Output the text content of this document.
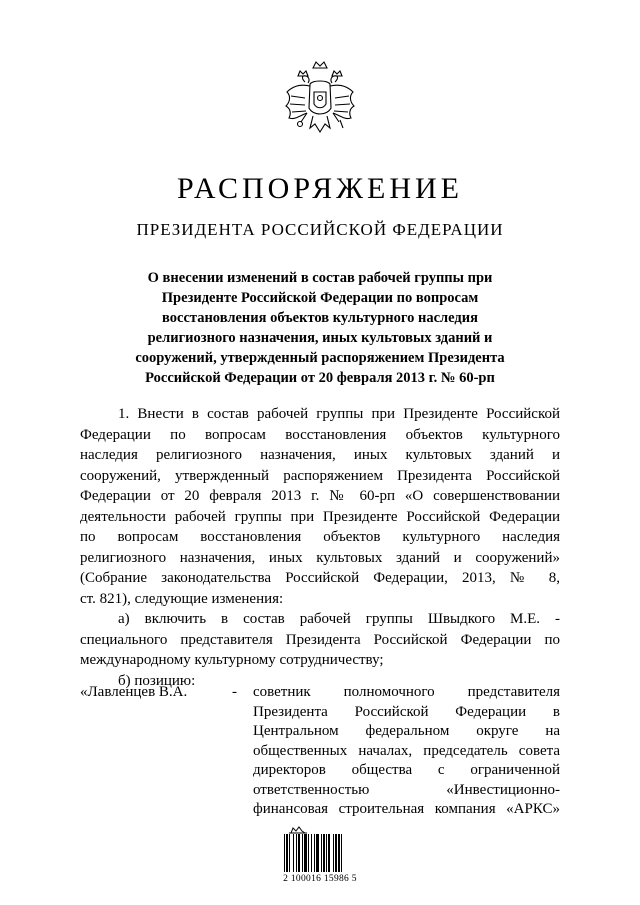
РАСПОРЯЖЕНИЕ
ПРЕЗИДЕНТА РОССИЙСКОЙ ФЕДЕРАЦИИ
О внесении изменений в состав рабочей группы при
Президенте Российской Федерации по вопросам
восстановления объектов культурного наследия
религиозного назначения, иных культовых зданий и
сооружений, утвержденный распоряжением Президента
Российской Федерации от 20 февраля 2013 г. № 60-рп
1. Внести в состав рабочей группы при Президенте Российской
Федерации по вопросам восстановления объектов культурного
наследия религиозного назначения, иных культовых зданий и
сооружений, утвержденный распоряжением Президента Российской
Федерации от 20 февраля 2013 г. № 60-рп «О совершенствовании
деятельности рабочей группы при Президенте Российской Федерации
по вопросам восстановления объектов культурного наследия
религиозного назначения, иных культовых зданий и сооружений»
(Собрание законодательства Российской Федерации, 2013, № 8,
ст. 821), следующие изменения:
а) включить в состав рабочей группы Швыдкого М.Е. -
специального представителя Президента Российской Федерации по
международному культурному сотрудничеству;
б) позицию:
«Лавленцев В.А.	- советник полномочного представителя
Президента Российской Федерации в
Центральном федеральном округе на
общественных началах, председатель совета
директоров общества с ограниченной
ответственностью «Инвестиционно-
финансовая строительная компания «АРКС»
2 100016 15986 5
